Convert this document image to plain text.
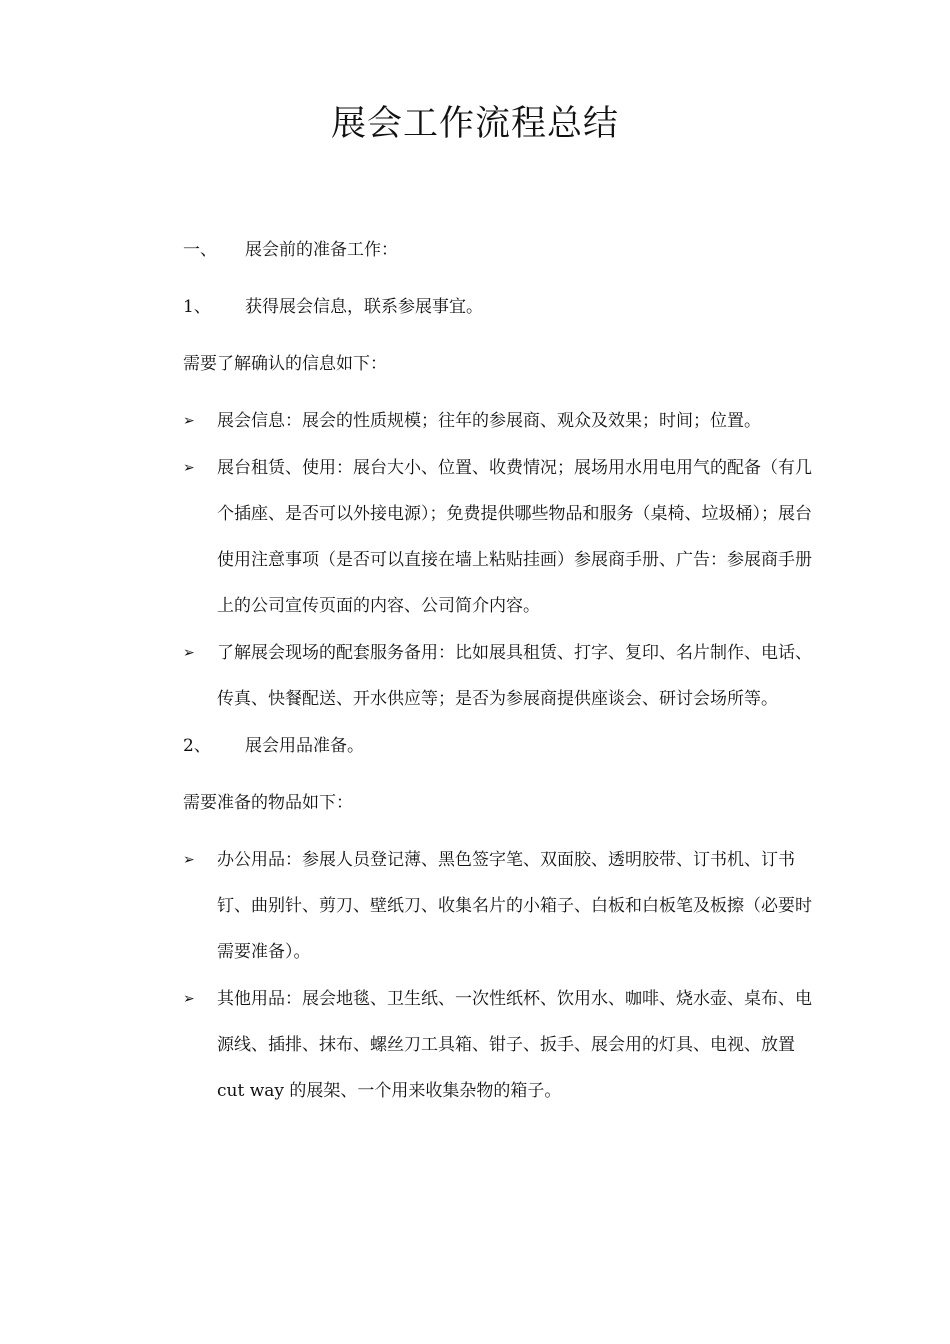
展会工作流程总结
一、 展会前的准备工作：
1、 获得展会信息，联系参展事宜。
需要了解确认的信息如下：
➢	展会信息：展会的性质规模；往年的参展商、观众及效果；时间；位置。
➢	展台租赁、使用：展台大小、位置、收费情况；展场用水用电用气的配备（有几个插座、是否可以外接电源）；免费提供哪些物品和服务（桌椅、垃圾桶）；展台使用注意事项（是否可以直接在墙上粘贴挂画）参展商手册、广告：参展商手册上的公司宣传页面的内容、公司简介内容。
➢	了解展会现场的配套服务备用：比如展具租赁、打字、复印、名片制作、电话、传真、快餐配送、开水供应等；是否为参展商提供座谈会、研讨会场所等。
2、 展会用品准备。
需要准备的物品如下：
➢	办公用品：参展人员登记薄、黑色签字笔、双面胶、透明胶带、订书机、订书钉、曲别针、剪刀、壁纸刀、收集名片的小箱子、白板和白板笔及板擦（必要时需要准备）。
➢	其他用品：展会地毯、卫生纸、一次性纸杯、饮用水、咖啡、烧水壶、桌布、电源线、插排、抹布、螺丝刀工具箱、钳子、扳手、展会用的灯具、电视、放置 cut way 的展架、一个用来收集杂物的箱子。
